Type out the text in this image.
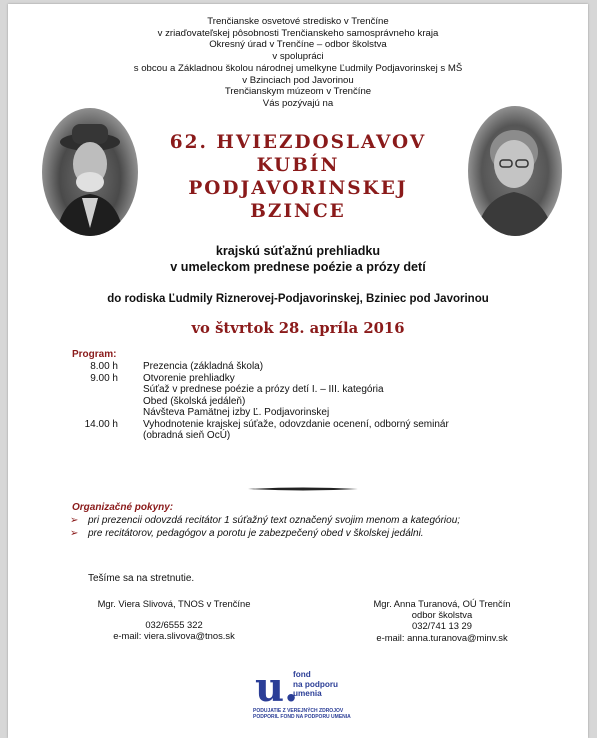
Trenčianske osvetové stredisko v Trenčíne
v zriaďovateľskej pôsobnosti Trenčianskeho samosprávneho kraja
Okresný úrad v Trenčíne – odbor školstva
v spolupráci
s obcou a Základnou školou národnej umelkyne Ľudmily Podjavorinskej s MŠ
v Bzinciach pod Javorinou
Trenčianskym múzeom v Trenčíne
Vás pozývajú na
62. HVIEZDOSLAVOV
KUBÍN
PODJAVORINSKEJ
BZINCE
krajskú súťažnú prehliadku
v umeleckom prednese poézie a prózy detí
do rodiska Ľudmily Riznerovej-Podjavorinskej, Bziniec pod Javorinou
vo štvrtok 28. apríla 2016
Program:
8.00 h	Prezencia (základná škola)
9.00 h	Otvorenie prehliadky
Súťaž v prednese poézie a prózy detí I. – III. kategória
Obed (školská jedáleň)
Návšteva Pamätnej izby Ľ. Podjavorinskej
14.00 h	Vyhodnotenie krajskej súťaže, odovzdanie ocenení, odborný seminár
(obradná sieň OcÚ)
Organizačné pokyny:
➢ pri prezencii odovzdá recitátor 1 súťažný text označený svojim menom a kategóriou;
➢ pre recitátorov, pedagógov a porotu je zabezpečený obed v školskej jedálni.
Tešíme sa na stretnutie.
Mgr. Viera Slivová, TNOS v Trenčíne
032/6555 322
e-mail: viera.slivova@tnos.sk
Mgr. Anna Turanová, OÚ Trenčín
odbor školstva
032/741 13 29
e-mail: anna.turanova@minv.sk
u.
fond
na podporu
umenia
PODUJATIE Z VEREJNÝCH ZDROJOV
PODPORIL FOND NA PODPORU UMENIA
